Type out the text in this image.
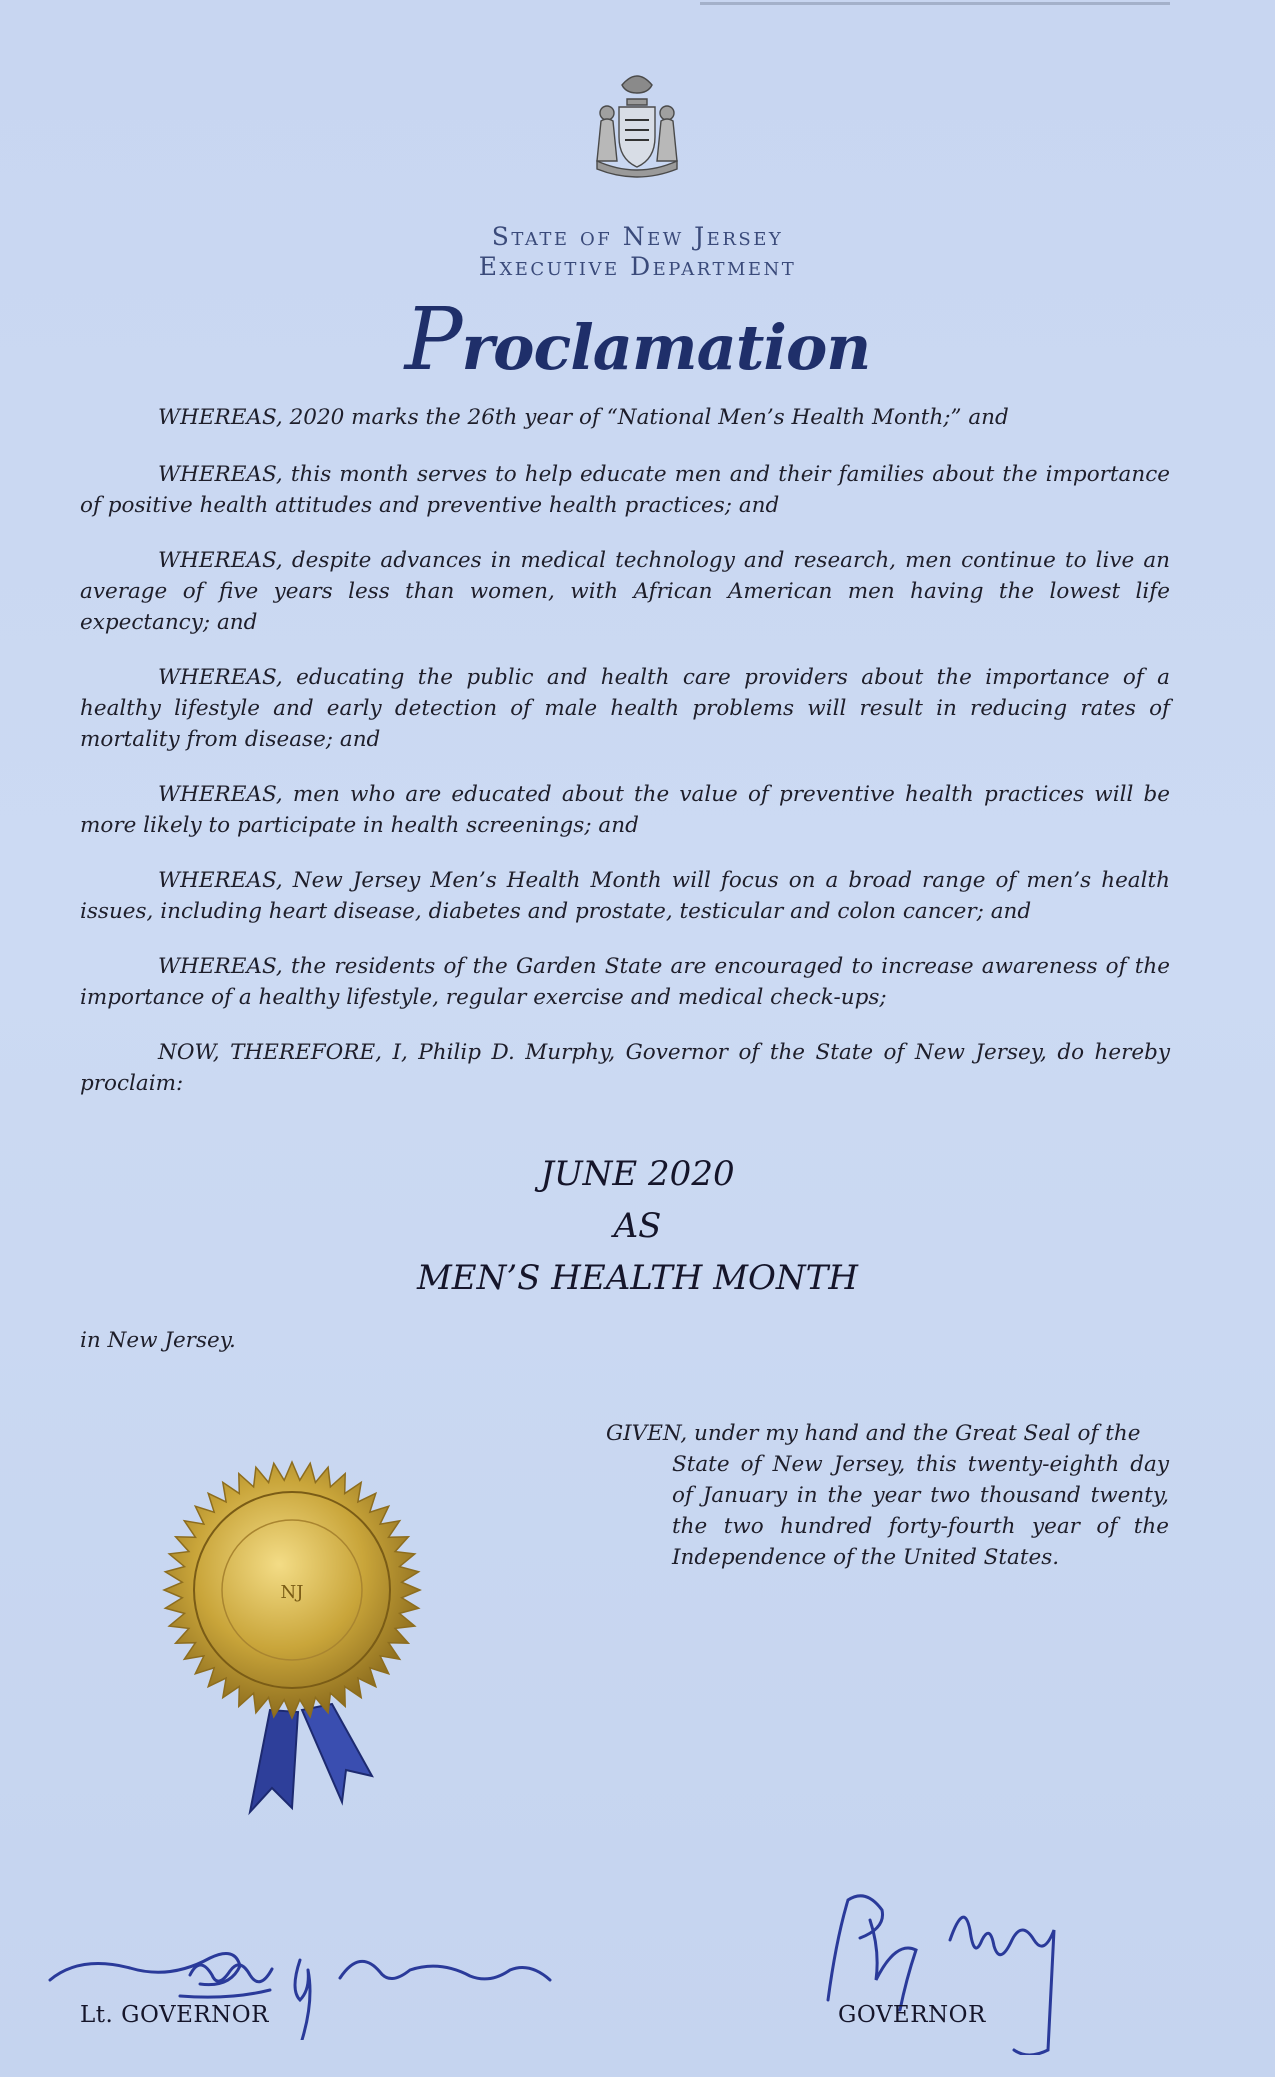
State of New Jersey
Executive Department
Proclamation

WHEREAS, 2020 marks the 26th year of “National Men’s Health Month;” and

WHEREAS, this month serves to help educate men and their families about the importance of positive health attitudes and preventive health practices; and

WHEREAS, despite advances in medical technology and research, men continue to live an average of five years less than women, with African American men having the lowest life expectancy; and

WHEREAS, educating the public and health care providers about the importance of a healthy lifestyle and early detection of male health problems will result in reducing rates of mortality from disease; and

WHEREAS, men who are educated about the value of preventive health practices will be more likely to participate in health screenings; and

WHEREAS, New Jersey Men’s Health Month will focus on a broad range of men’s health issues, including heart disease, diabetes and prostate, testicular and colon cancer; and

WHEREAS, the residents of the Garden State are encouraged to increase awareness of the importance of a healthy lifestyle, regular exercise and medical check-ups;

NOW, THEREFORE, I, Philip D. Murphy, Governor of the State of New Jersey, do hereby proclaim:

JUNE 2020
AS
MEN’S HEALTH MONTH
in New Jersey.
GIVEN, under my hand and the Great Seal of the
State of New Jersey, this twenty-eighth day of January in the year two thousand twenty, the two hundred forty-fourth year of the Independence of the United States.
NJ
Lt. GOVERNOR	GOVERNOR
